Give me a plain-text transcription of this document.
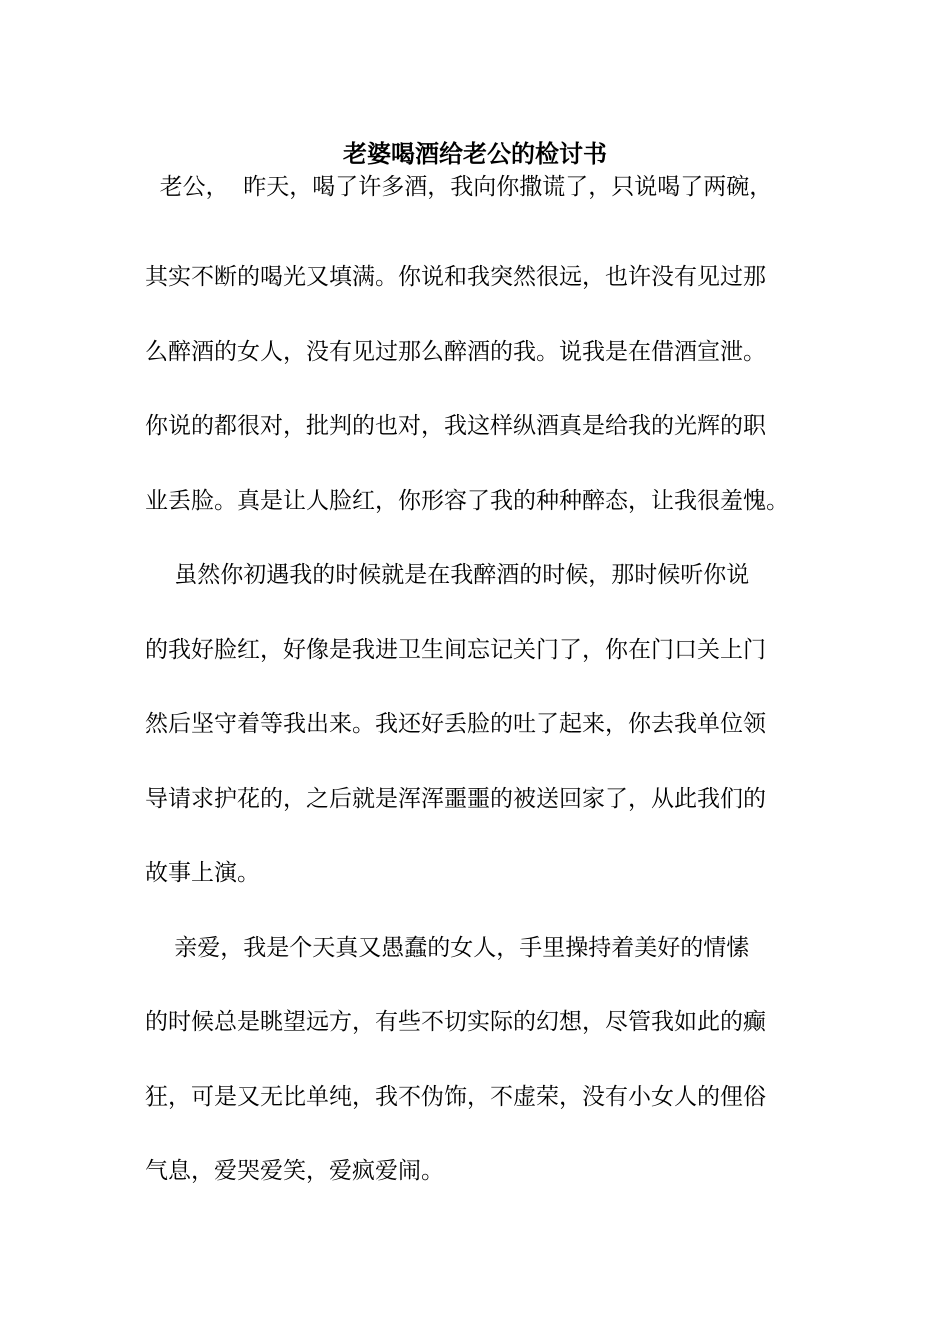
老婆喝酒给老公的检讨书

老公，  昨天，喝了许多酒，我向你撒谎了，只说喝了两碗，

其实不断的喝光又填满。你说和我突然很远，也许没有见过那

么醉酒的女人，没有见过那么醉酒的我。说我是在借酒宣泄。

你说的都很对，批判的也对，我这样纵酒真是给我的光辉的职

业丢脸。真是让人脸红，你形容了我的种种醉态，让我很羞愧。

虽然你初遇我的时候就是在我醉酒的时候，那时候听你说

的我好脸红，好像是我进卫生间忘记关门了，你在门口关上门

然后坚守着等我出来。我还好丢脸的吐了起来，你去我单位领

导请求护花的，之后就是浑浑噩噩的被送回家了，从此我们的

故事上演。

亲爱，我是个天真又愚蠢的女人，手里操持着美好的情愫

的时候总是眺望远方，有些不切实际的幻想，尽管我如此的癫

狂，可是又无比单纯，我不伪饰，不虚荣，没有小女人的俚俗

气息，爱哭爱笑，爱疯爱闹。
